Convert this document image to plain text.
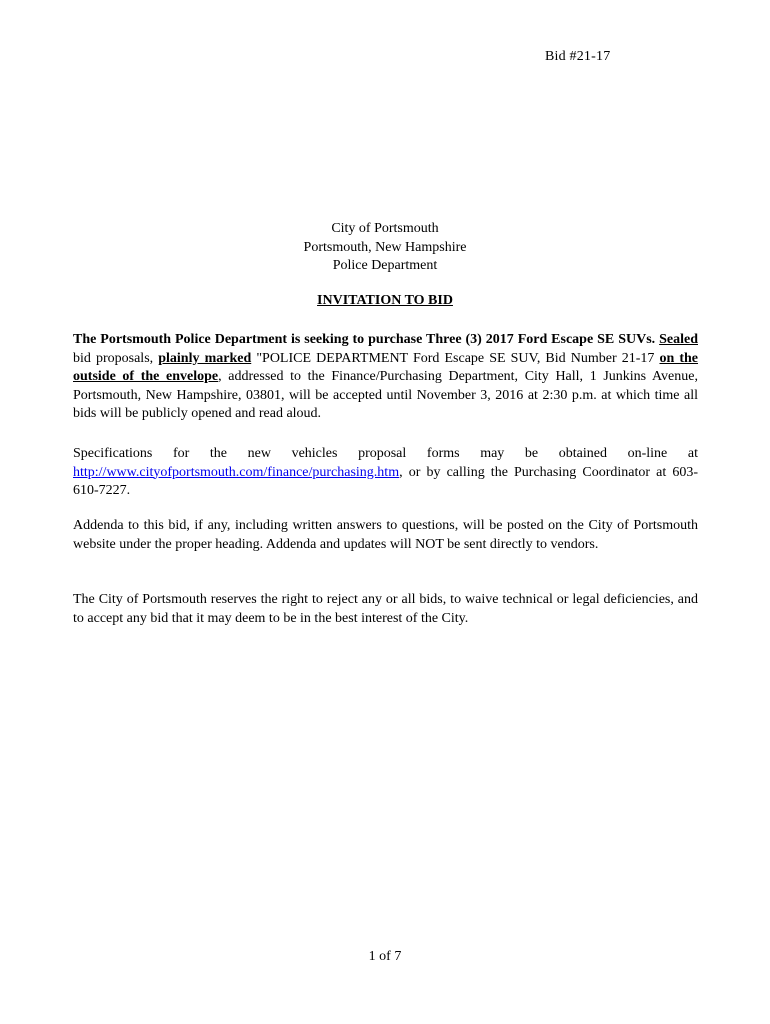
Bid #21-17
City of Portsmouth
Portsmouth, New Hampshire
Police Department
INVITATION TO BID
The Portsmouth Police Department is seeking to purchase Three (3) 2017 Ford Escape SE SUVs. Sealed bid proposals, plainly marked "POLICE DEPARTMENT Ford Escape SE SUV, Bid Number 21-17 on the outside of the envelope, addressed to the Finance/Purchasing Department, City Hall, 1 Junkins Avenue, Portsmouth, New Hampshire, 03801, will be accepted until November 3, 2016 at 2:30 p.m. at which time all bids will be publicly opened and read aloud.
Specifications for the new vehicles proposal forms may be obtained on-line at http://www.cityofportsmouth.com/finance/purchasing.htm, or by calling the Purchasing Coordinator at 603-610-7227.
Addenda to this bid, if any, including written answers to questions, will be posted on the City of Portsmouth website under the proper heading. Addenda and updates will NOT be sent directly to vendors.
The City of Portsmouth reserves the right to reject any or all bids, to waive technical or legal deficiencies, and to accept any bid that it may deem to be in the best interest of the City.
1 of 7
